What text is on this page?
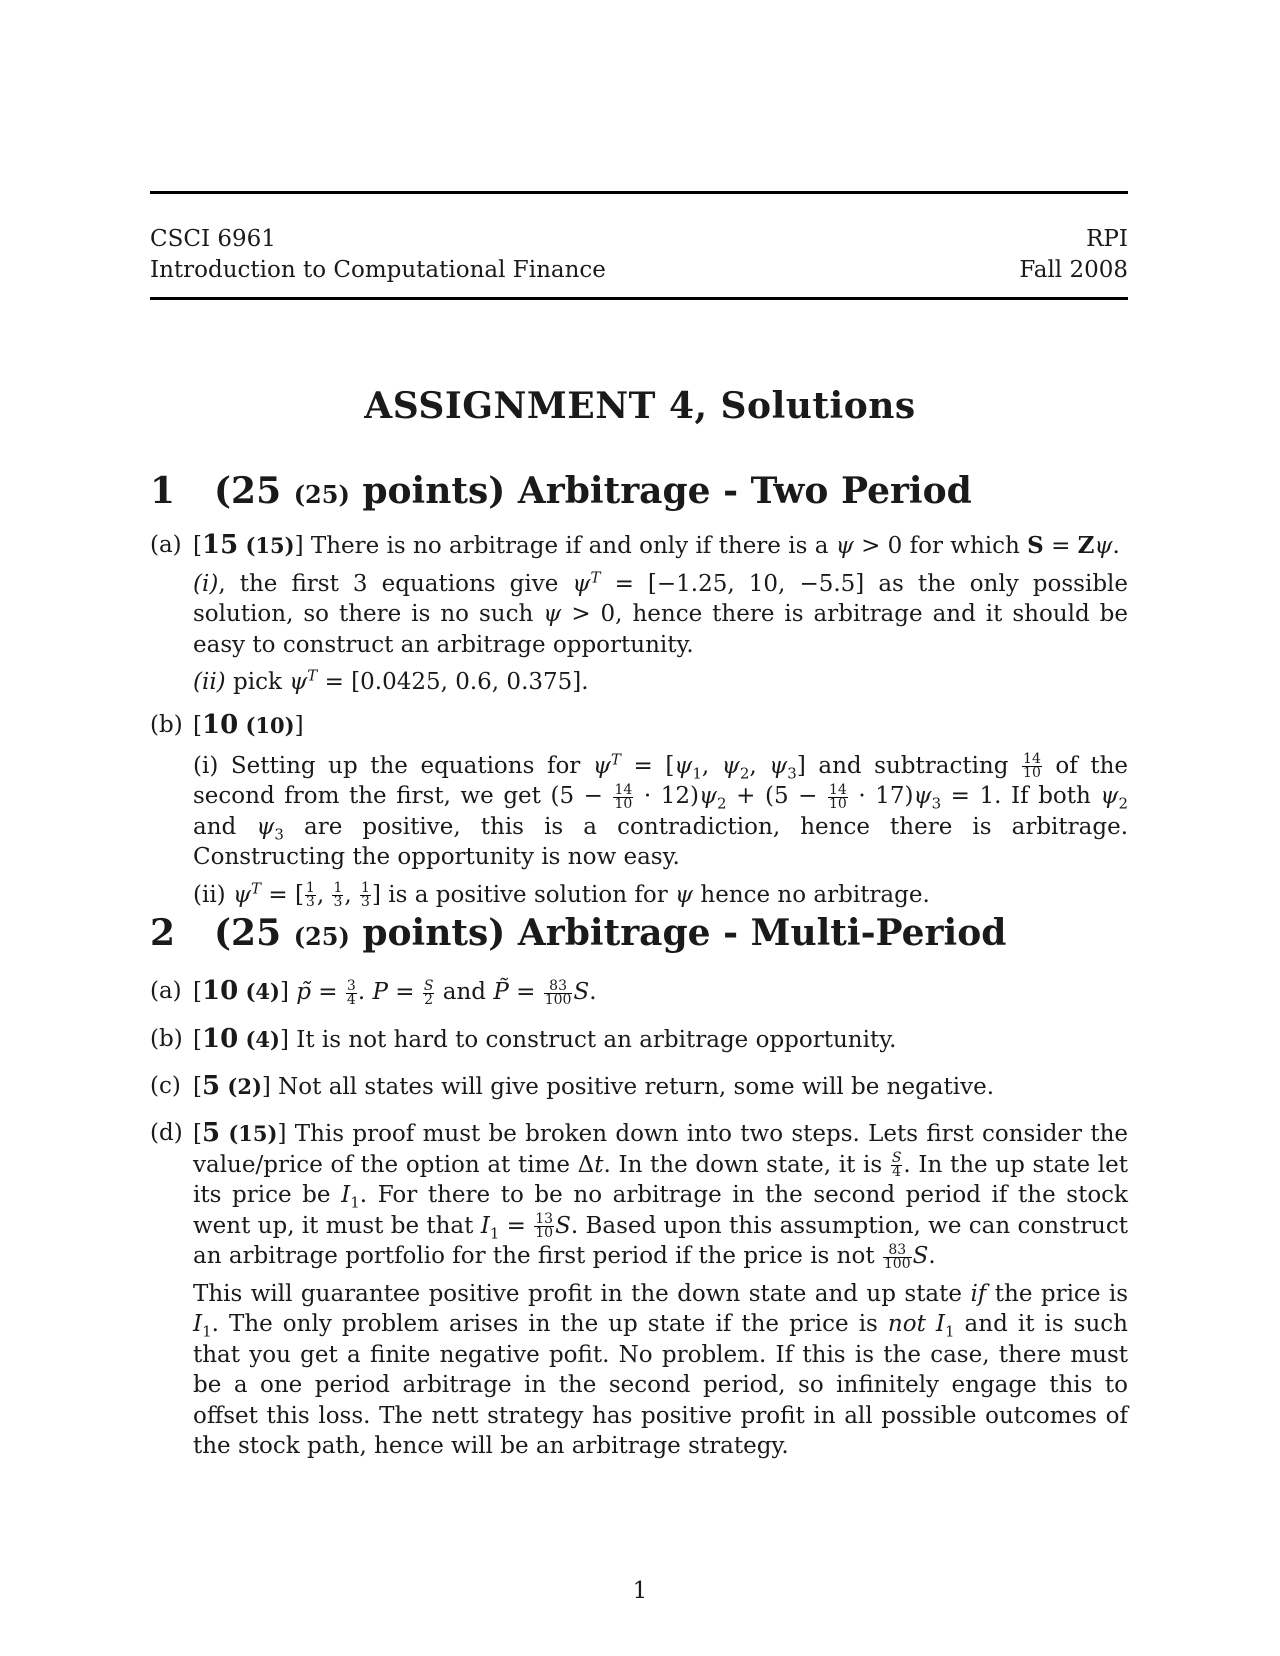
CSCI 6961
Introduction to Computational Finance
RPI
Fall 2008
ASSIGNMENT 4, Solutions
1 (25 (25) points) Arbitrage - Two Period
(a) [15 (15)] There is no arbitrage if and only if there is a ψ > 0 for which S = Zψ.
(i), the first 3 equations give $\psi^T = [-1.25$, 10, −5.5] as the only possible solution, so there is no such ψ > 0, hence there is arbitrage and it should be easy to construct an arbitrage opportunity.
(ii) pick $\psi^T = [0.0425$, 0.6, 0.375].
(b) [10 (10)]
(i) Setting up the equations for $\psi^T = [\psi_1$, $\psi_2$, $\psi_3$] and subtracting $\frac{14}{10}$ of the second from the first, we get $(5 - \frac{14}{10} \cdot 12)\psi_2 + (5 - \frac{14}{10} \cdot 17)\psi_3 = 1$. If both $\psi_2$ and $\psi_3$ are positive, this is a contradiction, hence there is arbitrage. Constructing the opportunity is now easy.
(ii) $\psi^T$ = [ $\frac{1}{3}$ , $\frac{1}{3}$ , $\frac{1}{3}$ ] is a positive solution for ψ hence no arbitrage.
2 (25 (25) points) Arbitrage - Multi-Period
(a) [10 (4)] p̃ = $\frac{3}{4}$ . $P = \frac{S}{2}$ and P̃ = $\frac{83}{100} S$.
(b) [10 (4)] It is not hard to construct an arbitrage opportunity.
(c) [5 (2)] Not all states will give positive return, some will be negative.
(d) [5 (15)] This proof must be broken down into two steps. Lets first consider the value/price of the option at time Δt. In the down state, it is $\frac{S}{4}$ . In the up state let its price be $I_1$. For there to be no arbitrage in the second period if the stock went up, it must be that $I_1 = \frac{13}{10} S$. Based upon this assumption, we can construct an arbitrage portfolio for the first period if the price is not $\frac{83}{100} S$.
This will guarantee positive profit in the down state and up state if the price is $I_1$. The only problem arises in the up state if the price is not $I_1$ and it is such that you get a finite negative pofit. No problem. If this is the case, there must be a one period arbitrage in the second period, so infinitely engage this to offset this loss. The nett strategy has positive profit in all possible outcomes of the stock path, hence will be an arbitrage strategy.
1
